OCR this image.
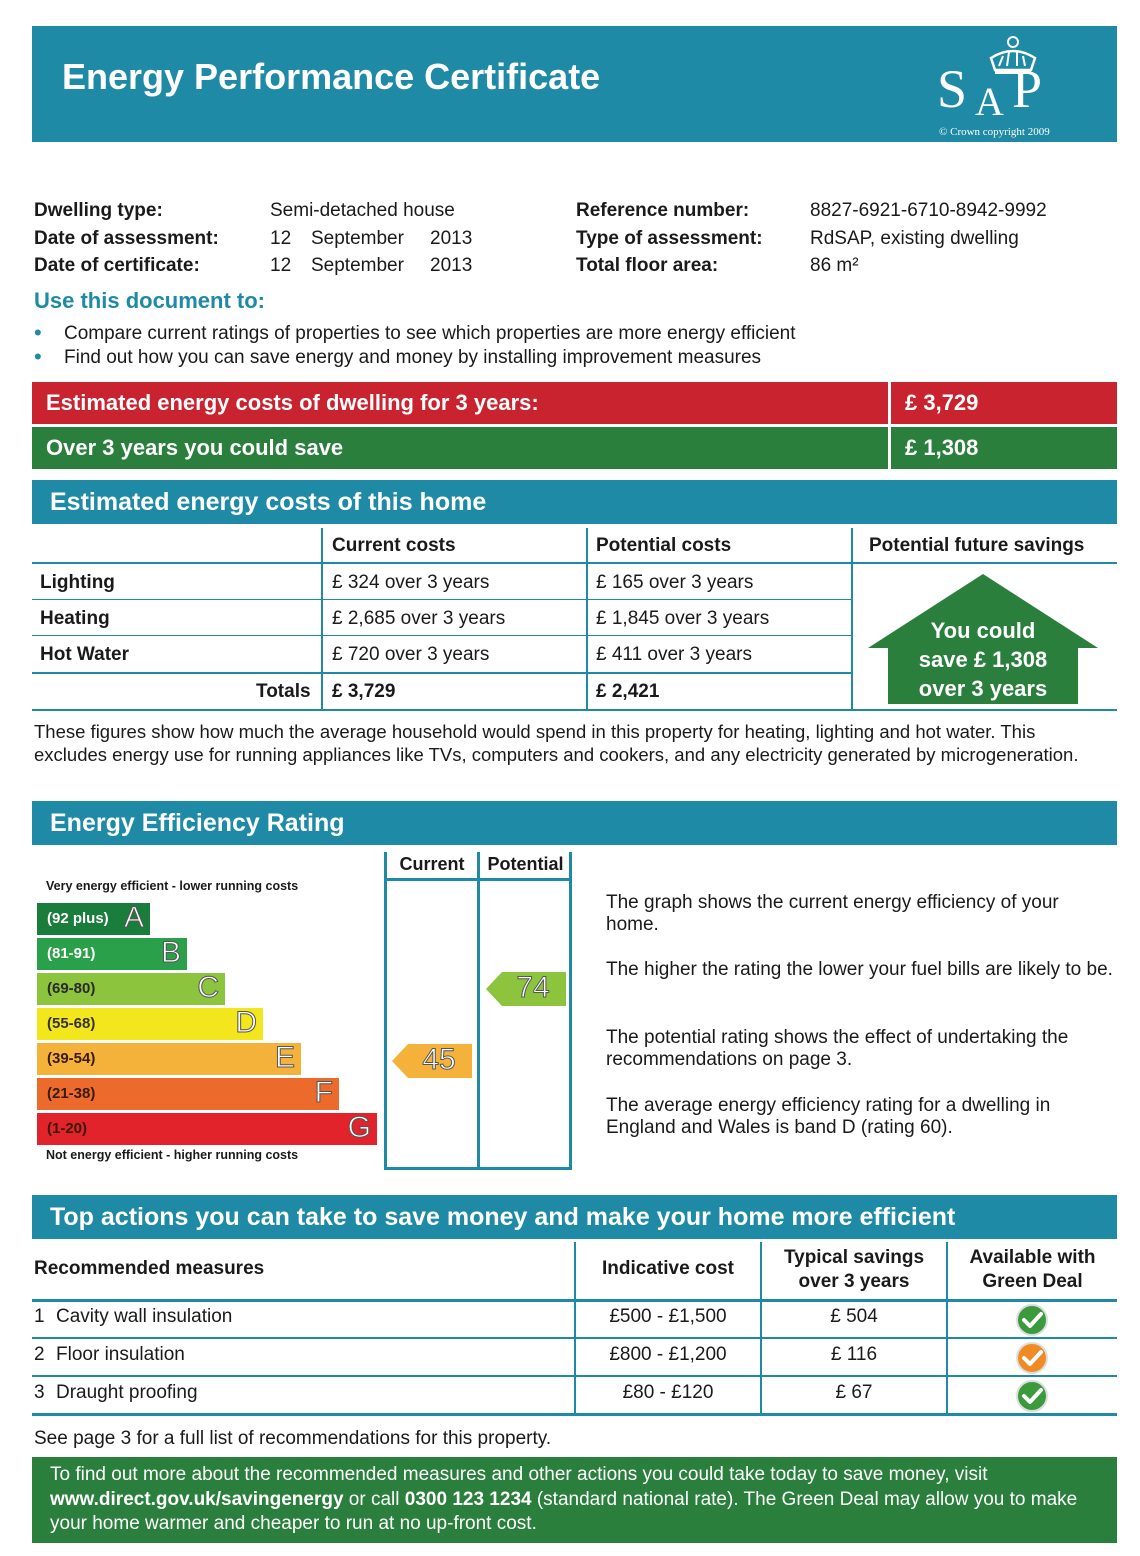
Energy Performance Certificate	S A P
© Crown copyright 2009
Dwelling type:	Semi-detached house
Date of assessment:	12 September 2013
Date of certificate:	12 September 2013
Reference number:	8827-6921-6710-8942-9992
Type of assessment: RdSAP, existing dwelling
Total floor area:	86 m²
Use this document to:
• Compare current ratings of properties to see which properties are more energy efficient
• Find out how you can save energy and money by installing improvement measures
Estimated energy costs of dwelling for 3 years:	£ 3,729
Over 3 years you could save	£ 1,308
Estimated energy costs of this home
Current costs	Potential costs	Potential future savings
Lighting	£ 324 over 3 years	£ 165 over 3 years
Heating	£ 2,685 over 3 years	£ 1,845 over 3 years
Hot Water	£ 720 over 3 years	£ 411 over 3 years
Totals £ 3,729	£ 2,421
You could
save £ 1,308
over 3 years
These figures show how much the average household would spend in this property for heating, lighting and hot water. This excludes energy use for running appliances like TVs, computers and cookers, and any electricity generated by microgeneration.
Energy Efficiency Rating
Current	Potential
Very energy efficient - lower running costs
Not energy efficient - higher running costs
(92 plus) A
(81-91) B
(69-80)	C
(55-68)	D
(39-54)	E
(21-38)	F
(1-20)	G
45
74
The graph shows the current energy efficiency of your home.
The higher the rating the lower your fuel bills are likely to be.
The potential rating shows the effect of undertaking the recommendations on page 3.
The average energy efficiency rating for a dwelling in England and Wales is band D (rating 60).
Top actions you can take to save money and make your home more efficient
Recommended measures	Indicative cost
Typical savings
over 3 years
Available with
Green Deal
1 Cavity wall insulation	£500 - £1,500	£ 504
2 Floor insulation	£800 - £1,200	£ 116
3 Draught proofing	£80 - £120	£ 67
See page 3 for a full list of recommendations for this property.
To find out more about the recommended measures and other actions you could take today to save money, visit
www.direct.gov.uk/savingenergy or call 0300 123 1234 (standard national rate). The Green Deal may allow you to make your home warmer and cheaper to run at no up-front cost.
